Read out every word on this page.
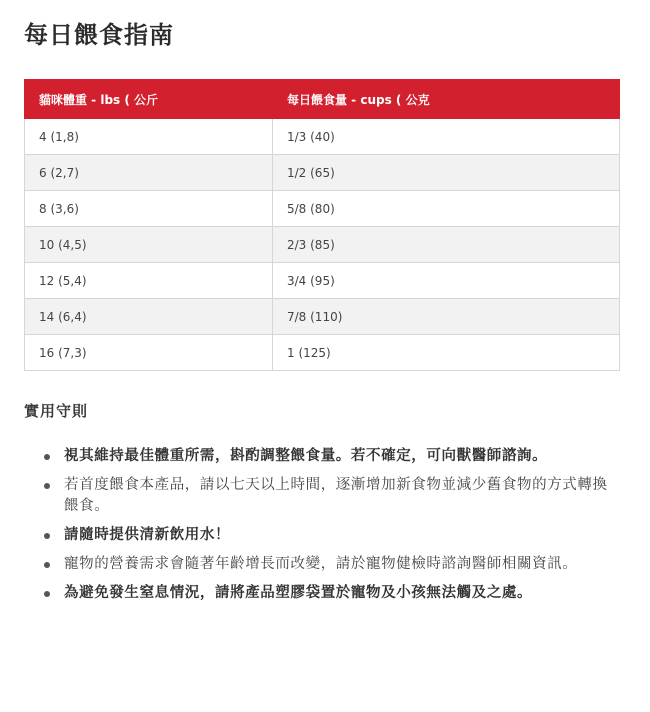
每日餵食指南
貓咪體重 - lbs ( 公斤	每日餵食量 - cups ( 公克
4 (1,8)	1/3 (40)
6 (2,7)	1/2 (65)
8 (3,6)	5/8 (80)
10 (4,5)	2/3 (85)
12 (5,4)	3/4 (95)
14 (6,4)	7/8 (110)
16 (7,3)	1 (125)
實用守則
視其維持最佳體重所需，斟酌調整餵食量。若不確定，可向獸醫師諮詢。
若首度餵食本產品，請以七天以上時間，逐漸增加新食物並減少舊食物的方式轉換餵食。
請隨時提供清新飲用水！
寵物的營養需求會隨著年齡增長而改變，請於寵物健檢時諮詢醫師相關資訊。
為避免發生窒息情況，請將產品塑膠袋置於寵物及小孩無法觸及之處。
